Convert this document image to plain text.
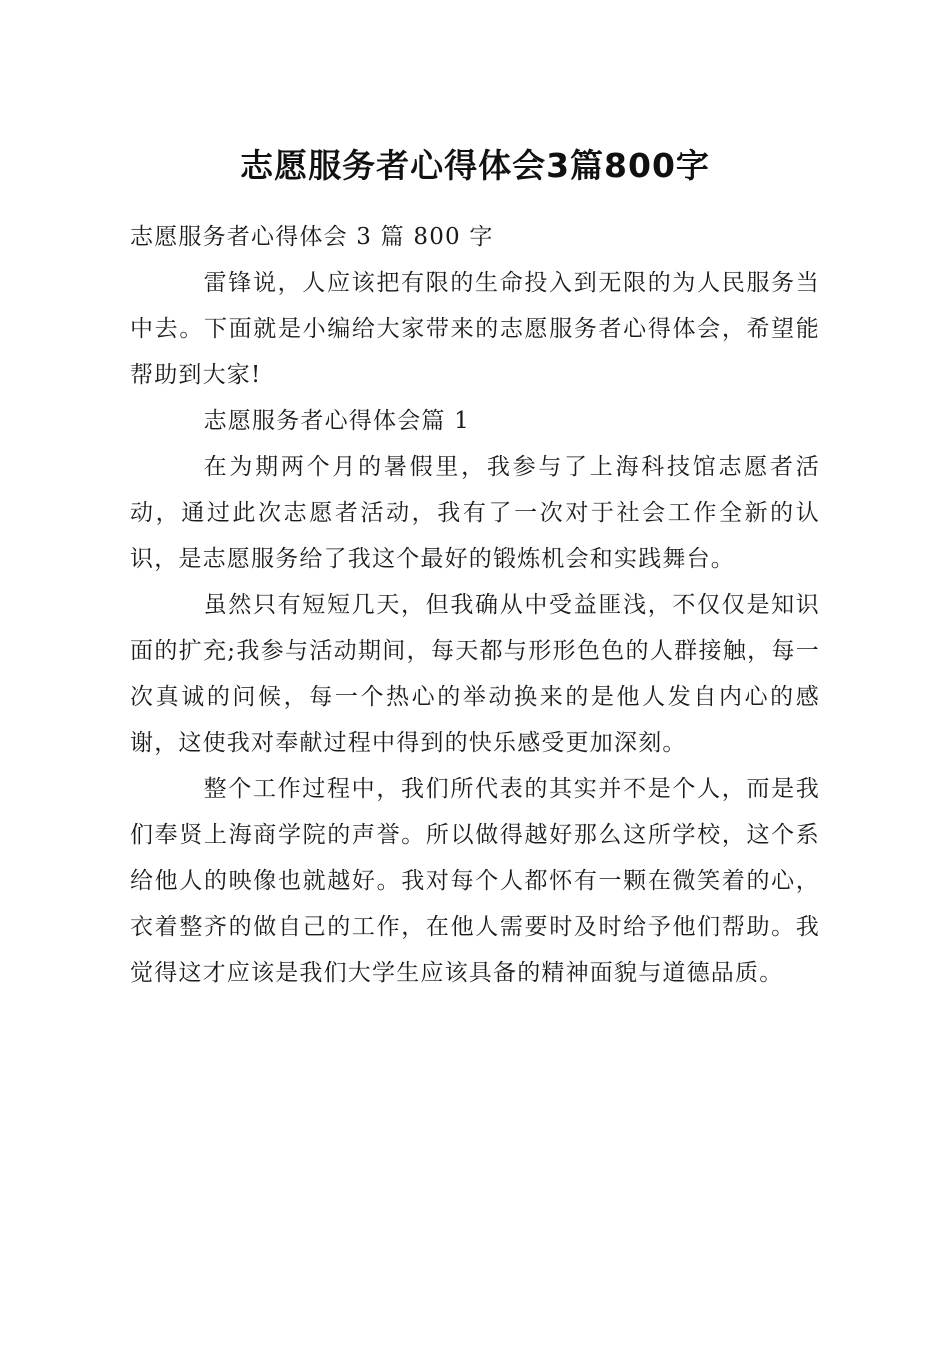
志愿服务者心得体会3篇800字

志愿服务者心得体会 3 篇 800 字

雷锋说，人应该把有限的生命投入到无限的为人民服务当中去。下面就是小编给大家带来的志愿服务者心得体会，希望能帮助到大家!

志愿服务者心得体会篇 1

在为期两个月的暑假里，我参与了上海科技馆志愿者活动，通过此次志愿者活动，我有了一次对于社会工作全新的认识，是志愿服务给了我这个最好的锻炼机会和实践舞台。

虽然只有短短几天，但我确从中受益匪浅，不仅仅是知识面的扩充;我参与活动期间，每天都与形形色色的人群接触，每一次真诚的问候，每一个热心的举动换来的是他人发自内心的感谢，这使我对奉献过程中得到的快乐感受更加深刻。

整个工作过程中，我们所代表的其实并不是个人，而是我们奉贤上海商学院的声誉。所以做得越好那么这所学校，这个系给他人的映像也就越好。我对每个人都怀有一颗在微笑着的心，衣着整齐的做自己的工作，在他人需要时及时给予他们帮助。我觉得这才应该是我们大学生应该具备的精神面貌与道德品质。
